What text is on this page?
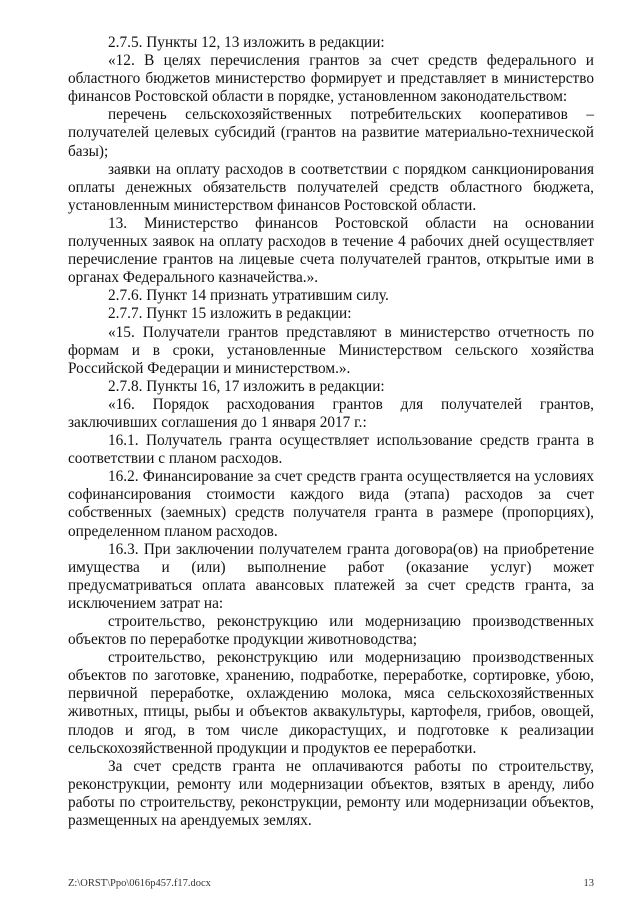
2.7.5. Пункты 12, 13 изложить в редакции:

«12. В целях перечисления грантов за счет средств федерального и областного бюджетов министерство формирует и представляет в министерство финансов Ростовской области в порядке, установленном законодательством:

перечень сельскохозяйственных потребительских кооперативов – получателей целевых субсидий (грантов на развитие материально-технической базы);

заявки на оплату расходов в соответствии с порядком санкционирования оплаты денежных обязательств получателей средств областного бюджета, установленным министерством финансов Ростовской области.

13. Министерство финансов Ростовской области на основании полученных заявок на оплату расходов в течение 4 рабочих дней осуществляет перечисление грантов на лицевые счета получателей грантов, открытые ими в органах Федерального казначейства.».

2.7.6. Пункт 14 признать утратившим силу.

2.7.7. Пункт 15 изложить в редакции:

«15. Получатели грантов представляют в министерство отчетность по формам и в сроки, установленные Министерством сельского хозяйства Российской Федерации и министерством.».

2.7.8. Пункты 16, 17 изложить в редакции:

«16. Порядок расходования грантов для получателей грантов, заключивших соглашения до 1 января 2017 г.:

16.1. Получатель гранта осуществляет использование средств гранта в соответствии с планом расходов.

16.2. Финансирование за счет средств гранта осуществляется на условиях софинансирования стоимости каждого вида (этапа) расходов за счет собственных (заемных) средств получателя гранта в размере (пропорциях), определенном планом расходов.

16.3. При заключении получателем гранта договора(ов) на приобретение имущества и (или) выполнение работ (оказание услуг) может предусматриваться оплата авансовых платежей за счет средств гранта, за исключением затрат на:

строительство, реконструкцию или модернизацию производственных объектов по переработке продукции животноводства;

строительство, реконструкцию или модернизацию производственных объектов по заготовке, хранению, подработке, переработке, сортировке, убою, первичной переработке, охлаждению молока, мяса сельскохозяйственных животных, птицы, рыбы и объектов аквакультуры, картофеля, грибов, овощей, плодов и ягод, в том числе дикорастущих, и подготовке к реализации сельскохозяйственной продукции и продуктов ее переработки.

За счет средств гранта не оплачиваются работы по строительству, реконструкции, ремонту или модернизации объектов, взятых в аренду, либо работы по строительству, реконструкции, ремонту или модернизации объектов, размещенных на арендуемых землях.

Z:\ORST\Ppo\0616p457.f17.docx	13
